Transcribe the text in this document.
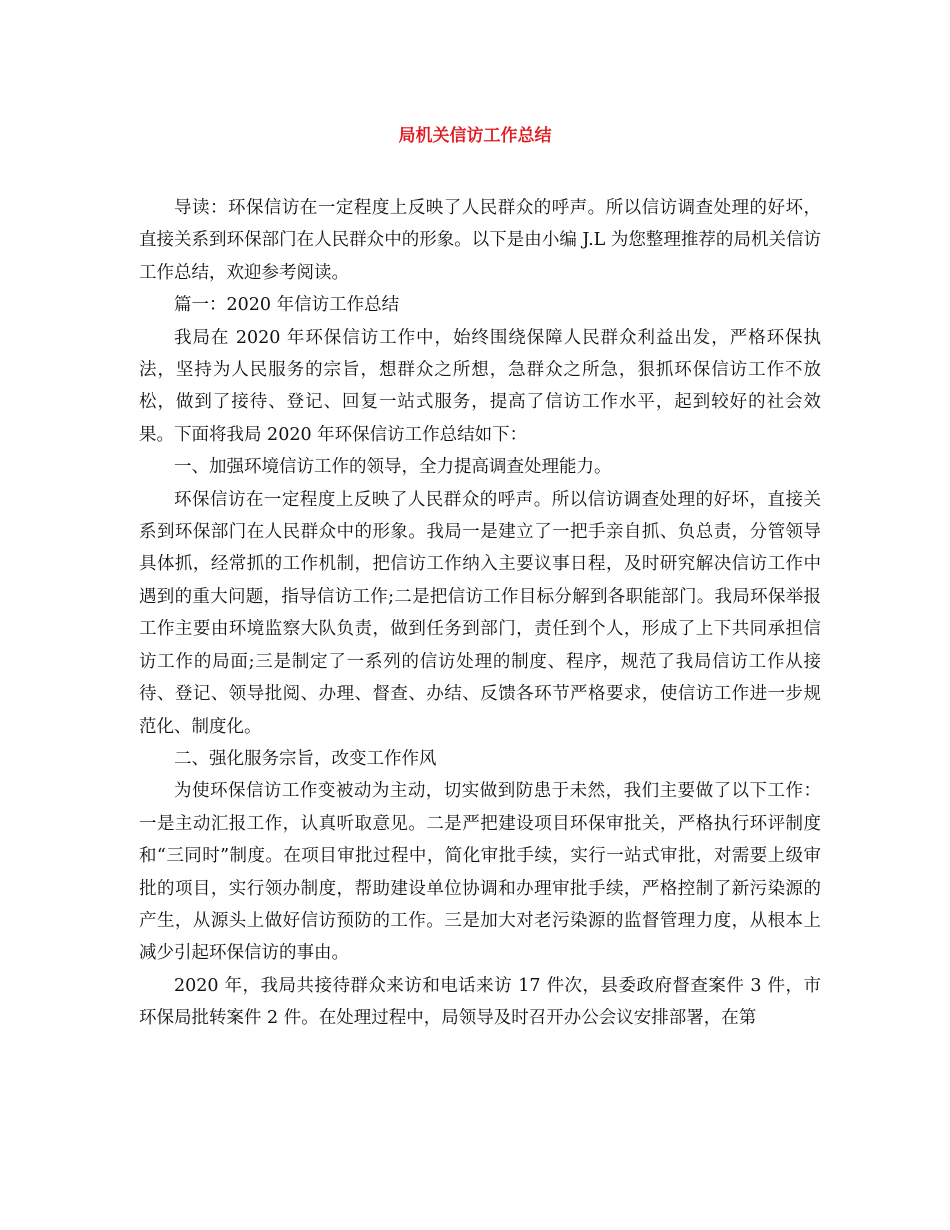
局机关信访工作总结

导读：环保信访在一定程度上反映了人民群众的呼声。所以信访调查处理的好坏，直接关系到环保部门在人民群众中的形象。以下是由小编 J.L 为您整理推荐的局机关信访工作总结，欢迎参考阅读。

篇一：2020 年信访工作总结

我局在 2020 年环保信访工作中，始终围绕保障人民群众利益出发，严格环保执法，坚持为人民服务的宗旨，想群众之所想，急群众之所急，狠抓环保信访工作不放松，做到了接待、登记、回复一站式服务，提高了信访工作水平，起到较好的社会效果。下面将我局 2020 年环保信访工作总结如下：

一、加强环境信访工作的领导，全力提高调查处理能力。

环保信访在一定程度上反映了人民群众的呼声。所以信访调查处理的好坏，直接关系到环保部门在人民群众中的形象。我局一是建立了一把手亲自抓、负总责，分管领导具体抓，经常抓的工作机制，把信访工作纳入主要议事日程，及时研究解决信访工作中遇到的重大问题，指导信访工作;二是把信访工作目标分解到各职能部门。我局环保举报工作主要由环境监察大队负责，做到任务到部门，责任到个人，形成了上下共同承担信访工作的局面;三是制定了一系列的信访处理的制度、程序，规范了我局信访工作从接待、登记、领导批阅、办理、督查、办结、反馈各环节严格要求，使信访工作进一步规范化、制度化。

二、强化服务宗旨，改变工作作风

为使环保信访工作变被动为主动，切实做到防患于未然，我们主要做了以下工作：一是主动汇报工作，认真听取意见。二是严把建设项目环保审批关，严格执行环评制度和“三同时”制度。在项目审批过程中，简化审批手续，实行一站式审批，对需要上级审批的项目，实行领办制度，帮助建设单位协调和办理审批手续，严格控制了新污染源的产生，从源头上做好信访预防的工作。三是加大对老污染源的监督管理力度，从根本上减少引起环保信访的事由。

2020 年，我局共接待群众来访和电话来访 17 件次，县委政府督查案件 3 件，市环保局批转案件 2 件。在处理过程中，局领导及时召开办公会议安排部署，在第
